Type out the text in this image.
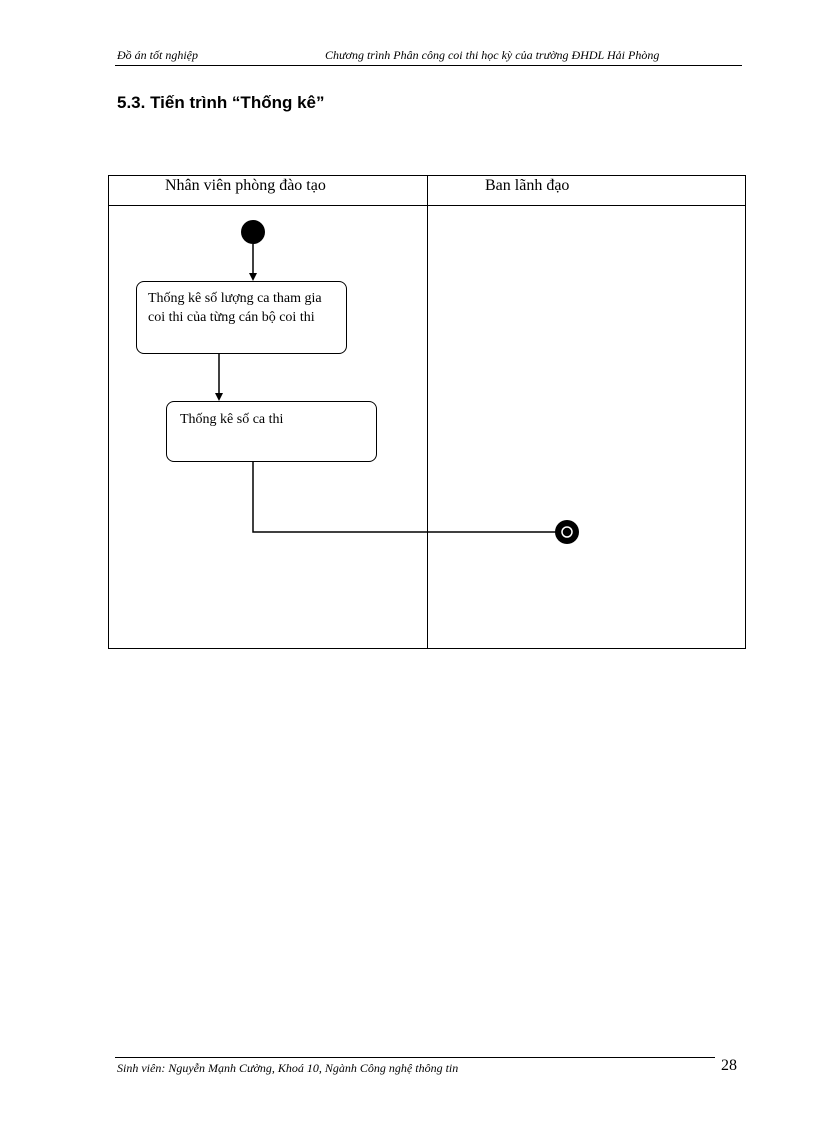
Đồ án tốt nghiệp	Chương trình Phân công coi thi học kỳ của trường ĐHDL Hải Phòng
5.3. Tiến trình “Thống kê”
Nhân viên phòng đào tạo	Ban lãnh đạo
Thống kê số lượng ca tham gia coi thi của từng cán bộ coi thi
Thống kê số ca thi
Sinh viên: Nguyễn Mạnh Cường, Khoá 10, Ngành Công nghệ thông tin	28
